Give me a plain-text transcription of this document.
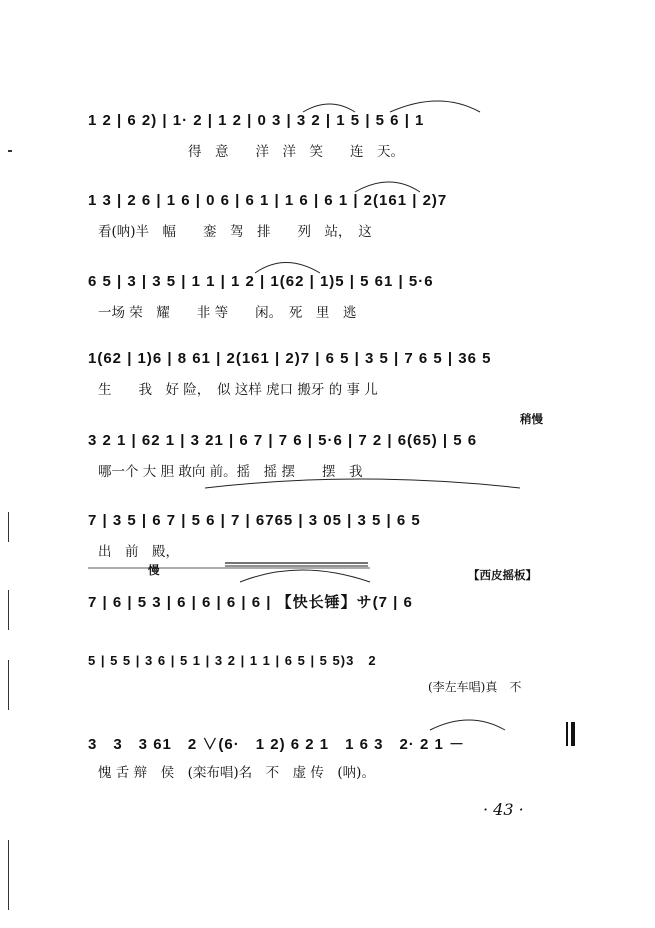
1 2 | 6 2) | 1· 2 | 1 2 | 0 3 | 3 2 | 1 5 | 5 6 | 1
得　意　　洋　洋　笑　　连　天。
1 3 | 2 6 | 1 6 | 0 6 | 6 1 | 1 6 | 6 1 | 2(161 | 2)7
看(呐)半　幅　　銮　驾　排　　列　站，　这
6 5 | 3 | 3 5 | 1 1 | 1 2 | 1(62 | 1)5 | 5 61 | 5·6
一场 荣　耀　　非 等　　闲。　死　里　逃
1(62 | 1)6 | 8 61 | 2(161 | 2)7 | 6 5 | 3 5 | 7 6 5 | 36 5
生　　我　好 险，　似 这样 虎口 搬牙 的 事 儿
稍慢
3 2 1 | 62 1 | 3 21 | 6 7 | 7 6 | 5·6 | 7 2 | 6(65) | 5 6
哪一个 大 胆 敢向 前。摇　摇 摆　　摆　我
7 | 3 5 | 6 7 | 5 6 | 7 | 6765 | 3 05 | 3 5 | 6 5
出　前　殿，
慢	【西皮摇板】
7 | 6 | 5 3 | 6 | 6 | 6 | 6 | 【快长锤】サ(7 | 6
5 | 5 5 | 3 6 | 5 1 | 3 2 | 1 1 | 6 5 | 5 5)3　2
(李左车唱)真　不
3　3　3 61　2 ∨(6·　1 2) 6 2 1　1 6 3　2· 2 1 －
愧 舌 辩　侯　(栾布唱)名　不　虚 传　(呐)。
· 43 ·
